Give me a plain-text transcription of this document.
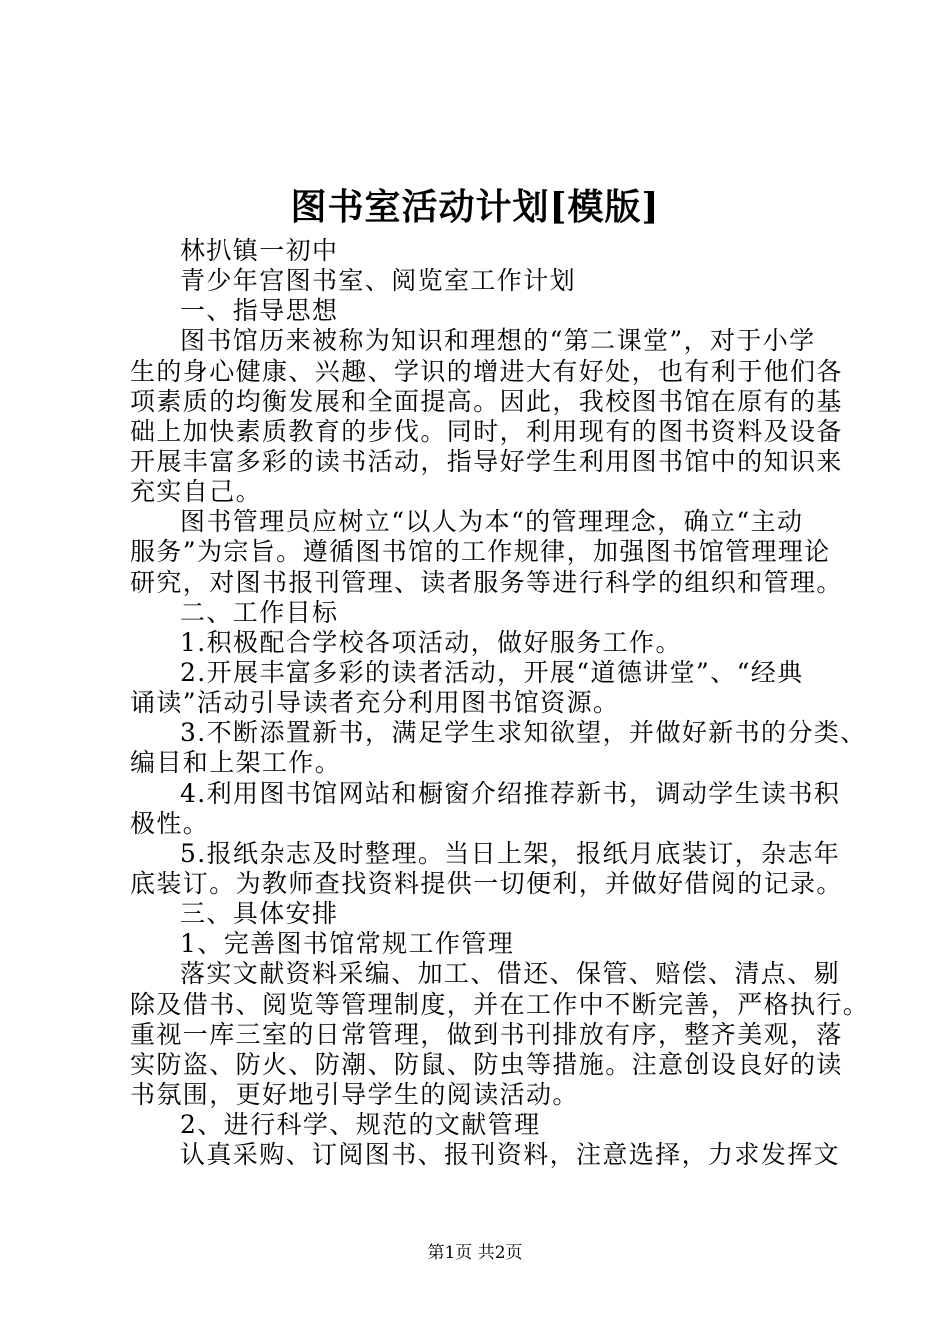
图书室活动计划[模版]
林扒镇一初中
青少年宫图书室、阅览室工作计划
一、指导思想
图书馆历来被称为知识和理想的“第二课堂”，对于小学
生的身心健康、兴趣、学识的增进大有好处，也有利于他们各
项素质的均衡发展和全面提高。因此，我校图书馆在原有的基
础上加快素质教育的步伐。同时，利用现有的图书资料及设备
开展丰富多彩的读书活动，指导好学生利用图书馆中的知识来
充实自己。
图书管理员应树立“以人为本“的管理理念，确立“主动
服务”为宗旨。遵循图书馆的工作规律，加强图书馆管理理论
研究，对图书报刊管理、读者服务等进行科学的组织和管理。
二、工作目标
1.积极配合学校各项活动，做好服务工作。
2.开展丰富多彩的读者活动，开展“道德讲堂”、“经典
诵读”活动引导读者充分利用图书馆资源。
3.不断添置新书，满足学生求知欲望，并做好新书的分类、
编目和上架工作。
4.利用图书馆网站和橱窗介绍推荐新书，调动学生读书积
极性。
5.报纸杂志及时整理。当日上架，报纸月底装订，杂志年
底装订。为教师查找资料提供一切便利，并做好借阅的记录。
三、具体安排
1、完善图书馆常规工作管理
落实文献资料采编、加工、借还、保管、赔偿、清点、剔
除及借书、阅览等管理制度，并在工作中不断完善，严格执行。
重视一库三室的日常管理，做到书刊排放有序，整齐美观，落
实防盗、防火、防潮、防鼠、防虫等措施。注意创设良好的读
书氛围，更好地引导学生的阅读活动。
2、进行科学、规范的文献管理
认真采购、订阅图书、报刊资料，注意选择，力求发挥文
第1页 共2页
